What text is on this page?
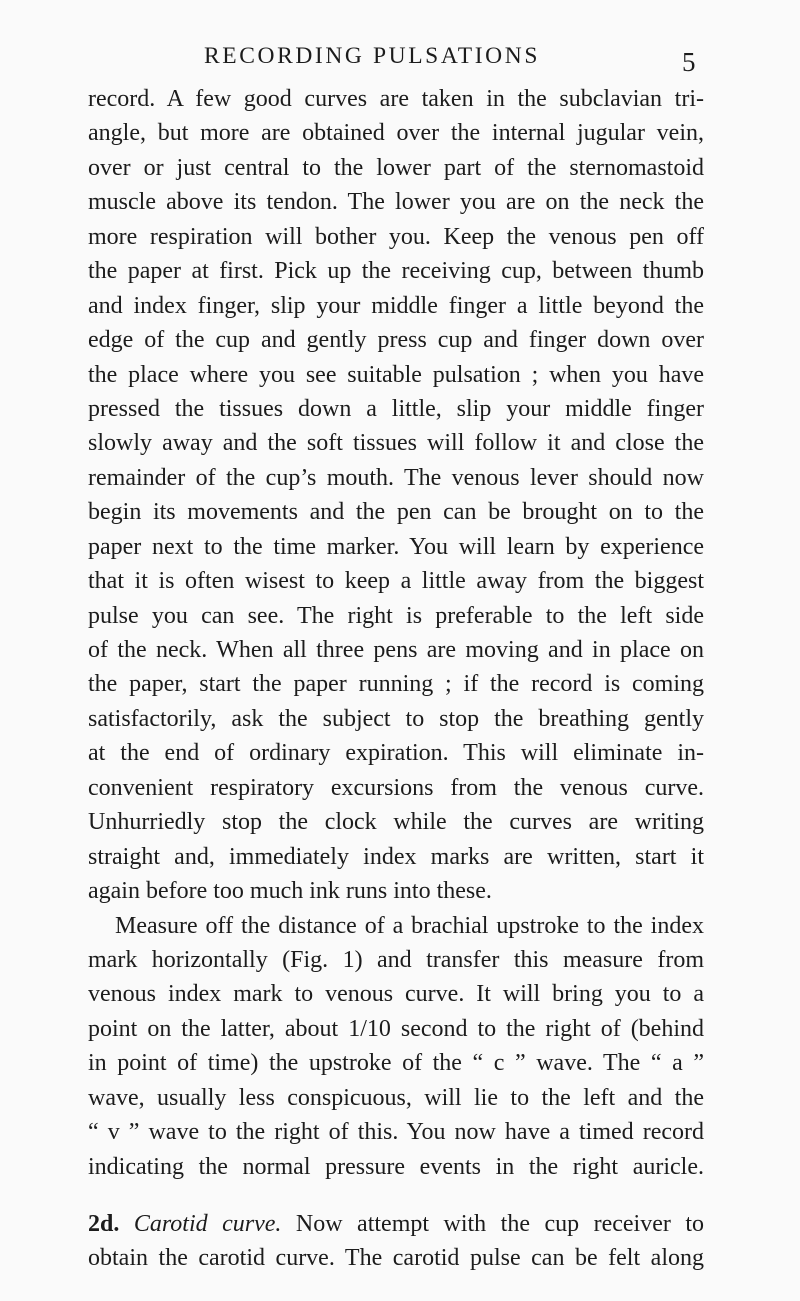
RECORDING PULSATIONS	5
record. A few good curves are taken in the subclavian tri-
angle, but more are obtained over the internal jugular vein,
over or just central to the lower part of the sternomastoid
muscle above its tendon. The lower you are on the neck the
more respiration will bother you. Keep the venous pen off
the paper at first. Pick up the receiving cup, between thumb
and index finger, slip your middle finger a little beyond the
edge of the cup and gently press cup and finger down over
the place where you see suitable pulsation ; when you have
pressed the tissues down a little, slip your middle finger
slowly away and the soft tissues will follow it and close the
remainder of the cup’s mouth. The venous lever should now
begin its movements and the pen can be brought on to the
paper next to the time marker. You will learn by experience
that it is often wisest to keep a little away from the biggest
pulse you can see. The right is preferable to the left side
of the neck. When all three pens are moving and in place on
the paper, start the paper running ; if the record is coming
satisfactorily, ask the subject to stop the breathing gently
at the end of ordinary expiration. This will eliminate in-
convenient respiratory excursions from the venous curve.
Unhurriedly stop the clock while the curves are writing
straight and, immediately index marks are written, start it
again before too much ink runs into these.
Measure off the distance of a brachial upstroke to the index
mark horizontally (Fig. 1) and transfer this measure from
venous index mark to venous curve. It will bring you to a
point on the latter, about 1/10 second to the right of (behind
in point of time) the upstroke of the “ c ” wave. The “ a ”
wave, usually less conspicuous, will lie to the left and the
“ v ” wave to the right of this. You now have a timed record
indicating the normal pressure events in the right auricle.
2d. Carotid curve. Now attempt with the cup receiver to
obtain the carotid curve. The carotid pulse can be felt along
